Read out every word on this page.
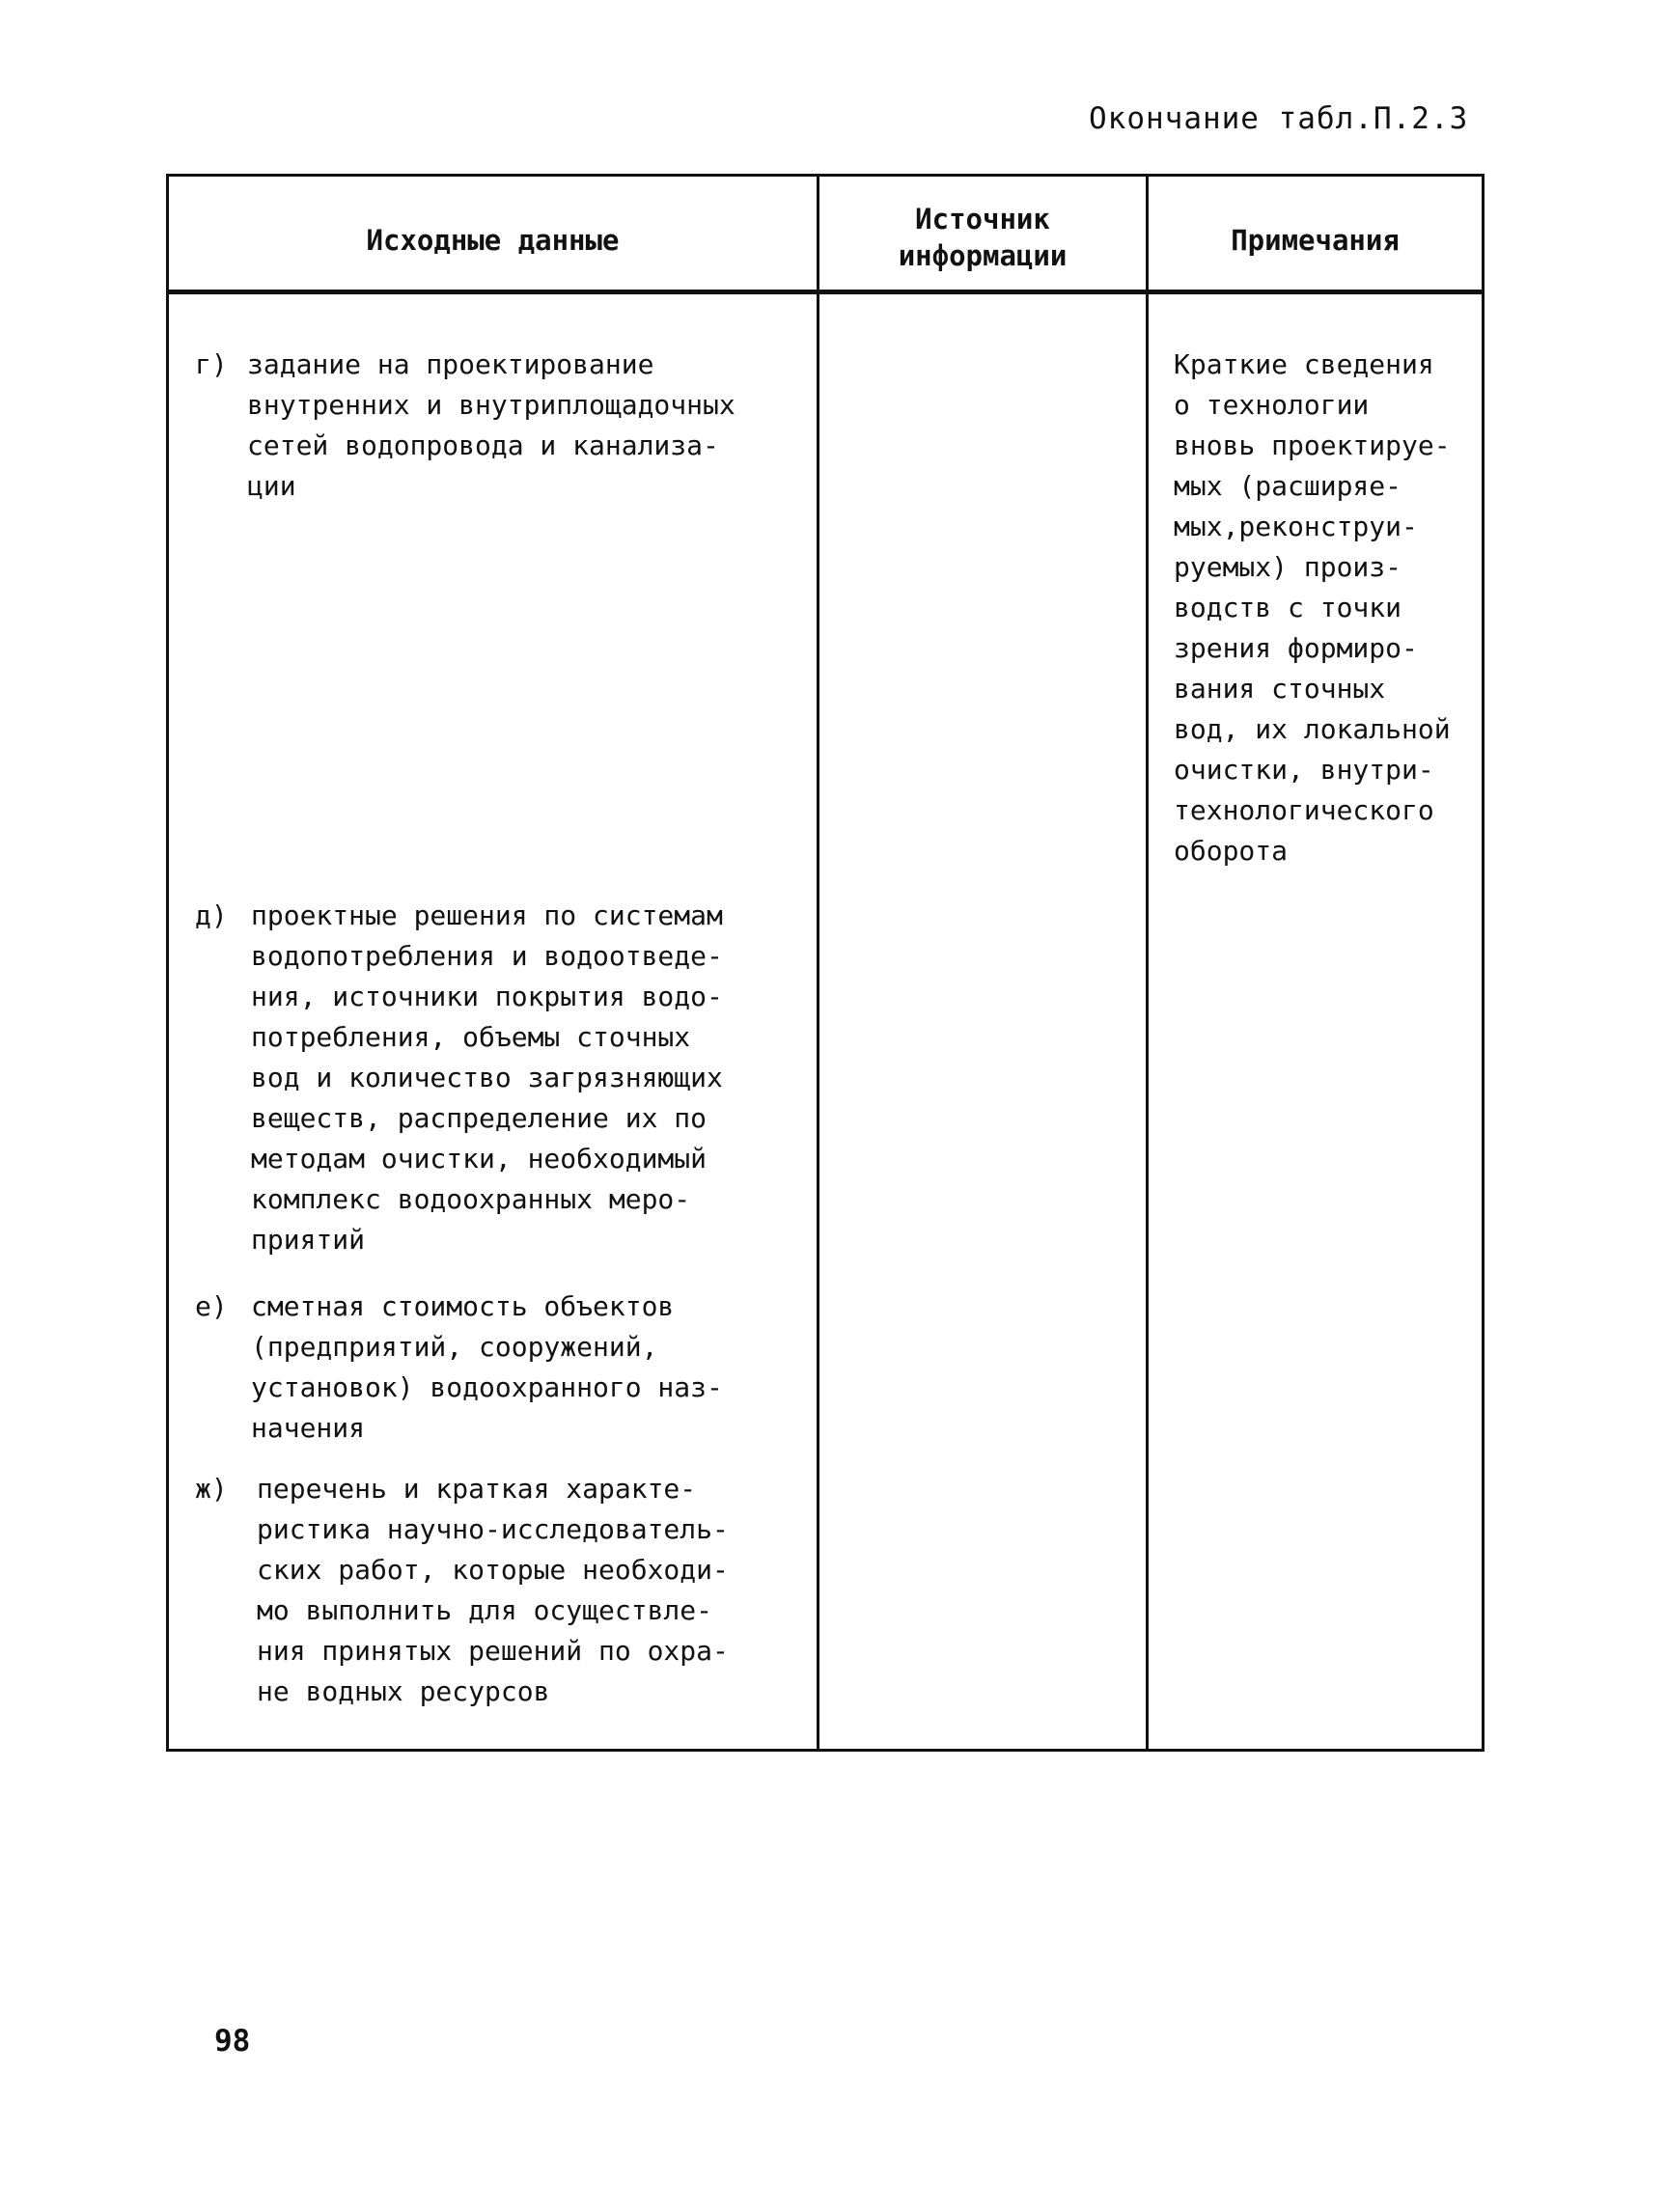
Окончание табл.П.2.3
Исходные данные
Источник
информации	Примечания
г) задание на проектирование
внутренних и внутриплощадочных
сетей водопровода и канализа-
ции
д) проектные решения по системам
водопотребления и водоотведе-
ния, источники покрытия водо-
потребления, объемы сточных
вод и количество загрязняющих
веществ, распределение их по
методам очистки, необходимый
комплекс водоохранных меро-
приятий
е) сметная стоимость объектов
(предприятий, сооружений,
установок) водоохранного наз-
начения
ж) перечень и краткая характе-
ристика научно-исследователь-
ских работ, которые необходи-
мо выполнить для осуществле-
ния принятых решений по охра-
не водных ресурсов
Краткие сведения
о технологии
вновь проектируе-
мых (расширяе-
мых,реконструи-
руемых) произ-
водств с точки
зрения формиро-
вания сточных
вод, их локальной
очистки, внутри-
технологического
оборота
98
